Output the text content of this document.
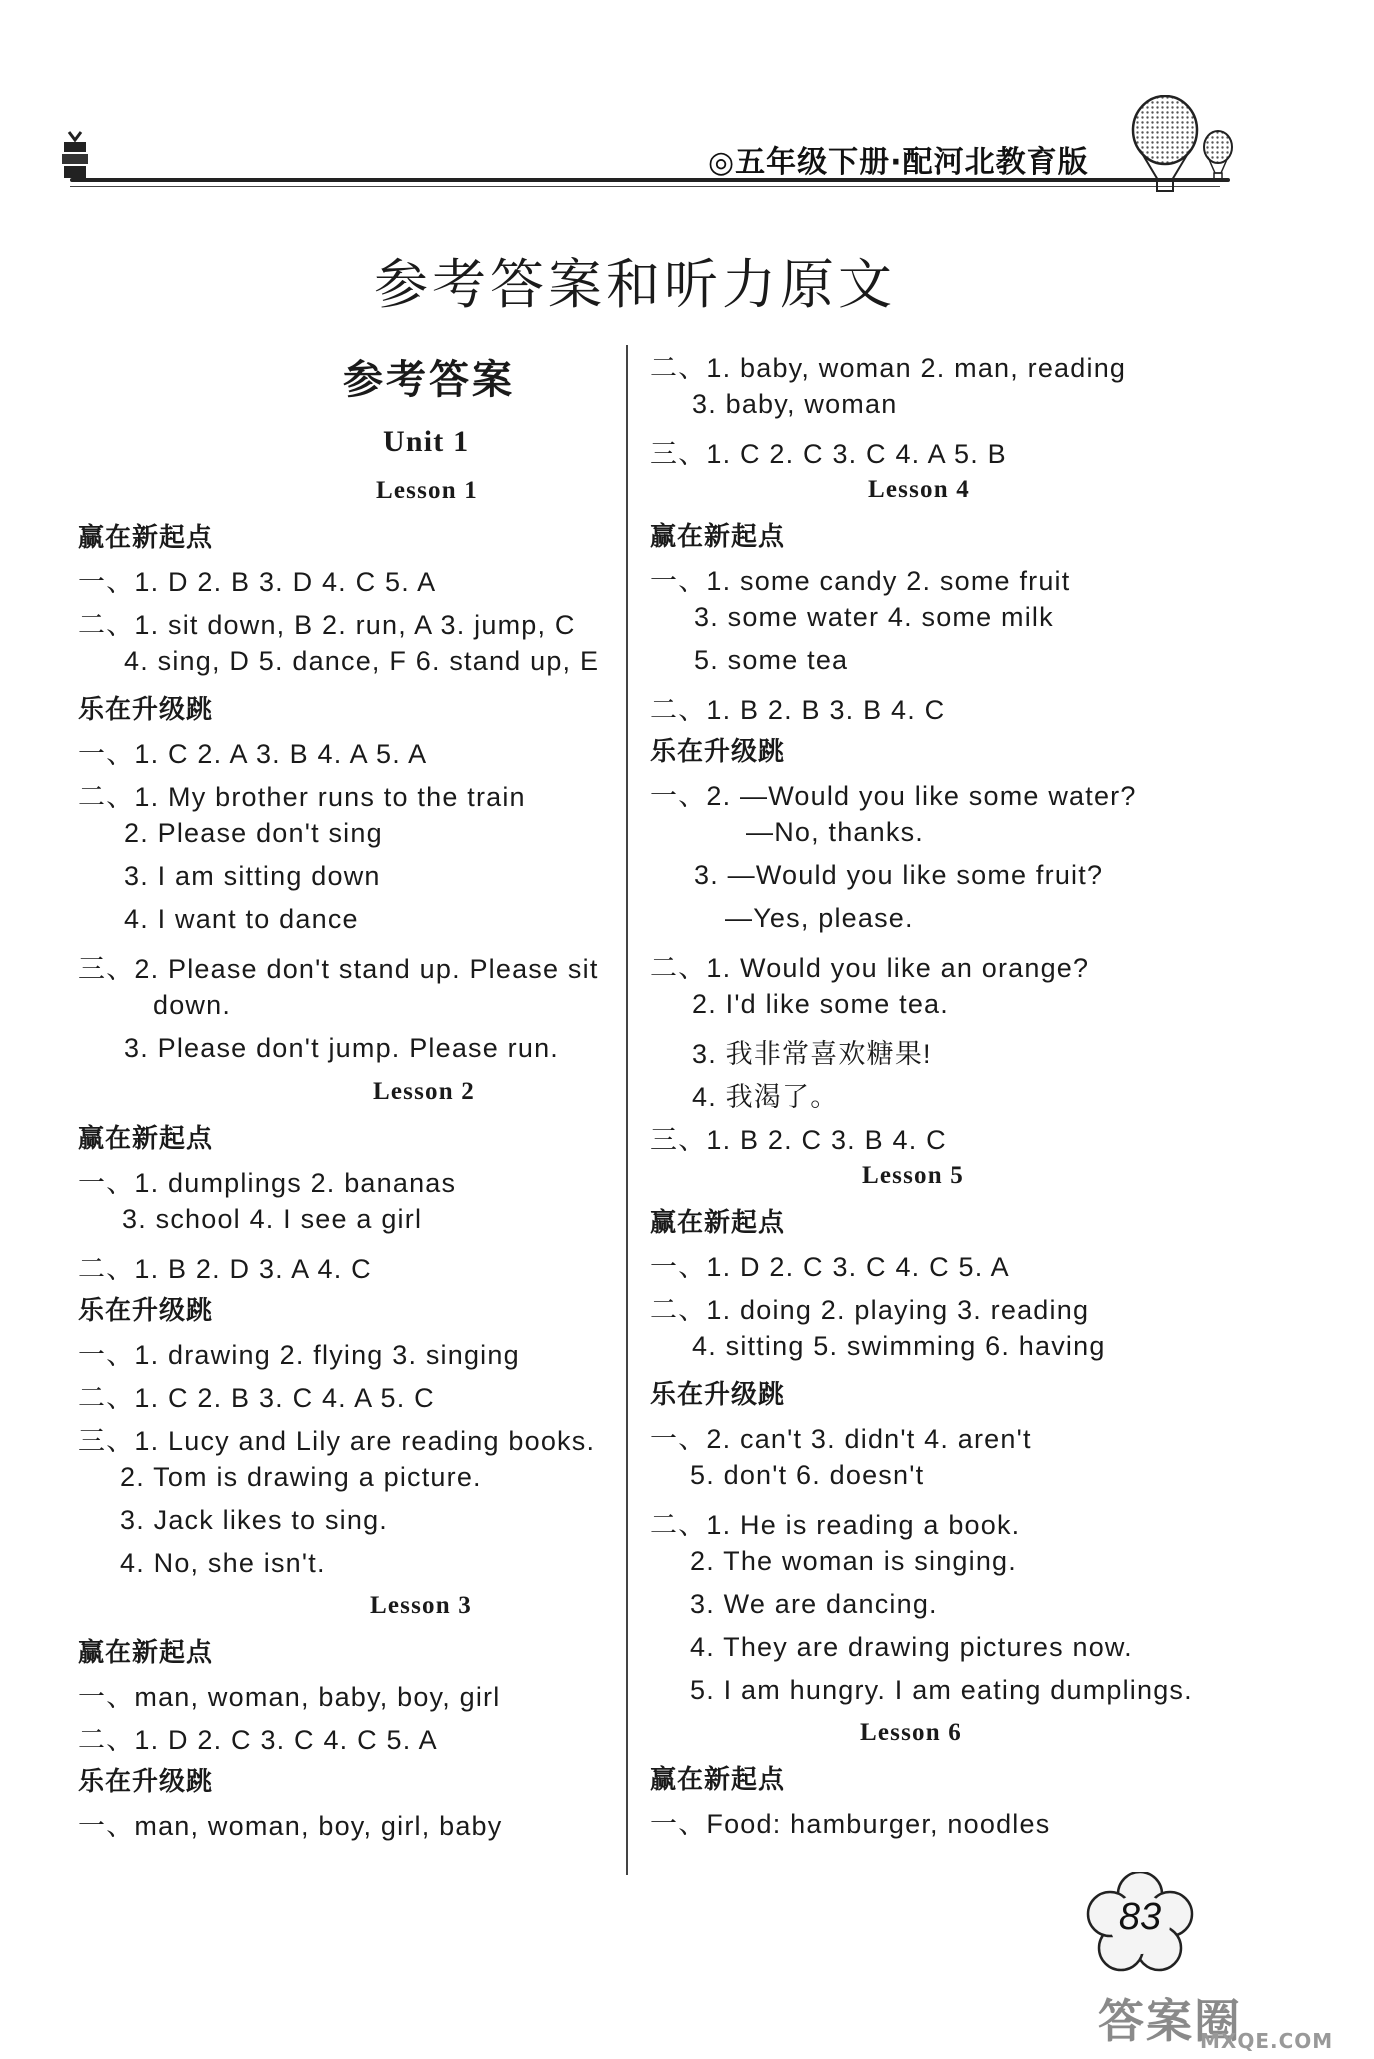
◎五年级下册·配河北教育版
参考答案和听力原文
参考答案
Unit 1
Lesson 1
赢在新起点
一、1. D 2. B 3. D 4. C 5. A
二、1. sit down, B 2. run, A 3. jump, C
4. sing, D 5. dance, F 6. stand up, E
乐在升级跳
一、1. C 2. A 3. B 4. A 5. A
二、1. My brother runs to the train
2. Please don't sing
3. I am sitting down
4. I want to dance
三、2. Please don't stand up. Please sit
down.
3. Please don't jump. Please run.
Lesson 2
赢在新起点
一、1. dumplings 2. bananas
3. school 4. I see a girl
二、1. B 2. D 3. A 4. C
乐在升级跳
一、1. drawing 2. flying 3. singing
二、1. C 2. B 3. C 4. A 5. C
三、1. Lucy and Lily are reading books.
2. Tom is drawing a picture.
3. Jack likes to sing.
4. No, she isn't.
Lesson 3
赢在新起点
一、man, woman, baby, boy, girl
二、1. D 2. C 3. C 4. C 5. A
乐在升级跳
一、man, woman, boy, girl, baby
二、1. baby, woman 2. man, reading
3. baby, woman
三、1. C 2. C 3. C 4. A 5. B
Lesson 4
赢在新起点
一、1. some candy 2. some fruit
3. some water 4. some milk
5. some tea
二、1. B 2. B 3. B 4. C
乐在升级跳
一、2. —Would you like some water?
—No, thanks.
3. —Would you like some fruit?
—Yes, please.
二、1. Would you like an orange?
2. I'd like some tea.
3. 我非常喜欢糖果!
4. 我渴了。
三、1. B 2. C 3. B 4. C
Lesson 5
赢在新起点
一、1. D 2. C 3. C 4. C 5. A
二、1. doing 2. playing 3. reading
4. sitting 5. swimming 6. having
乐在升级跳
一、2. can't 3. didn't 4. aren't
5. don't 6. doesn't
二、1. He is reading a book.
2. The woman is singing.
3. We are dancing.
4. They are drawing pictures now.
5. I am hungry. I am eating dumplings.
Lesson 6
赢在新起点
一、Food: hamburger, noodles
83
答案圈
MXQE.COM
